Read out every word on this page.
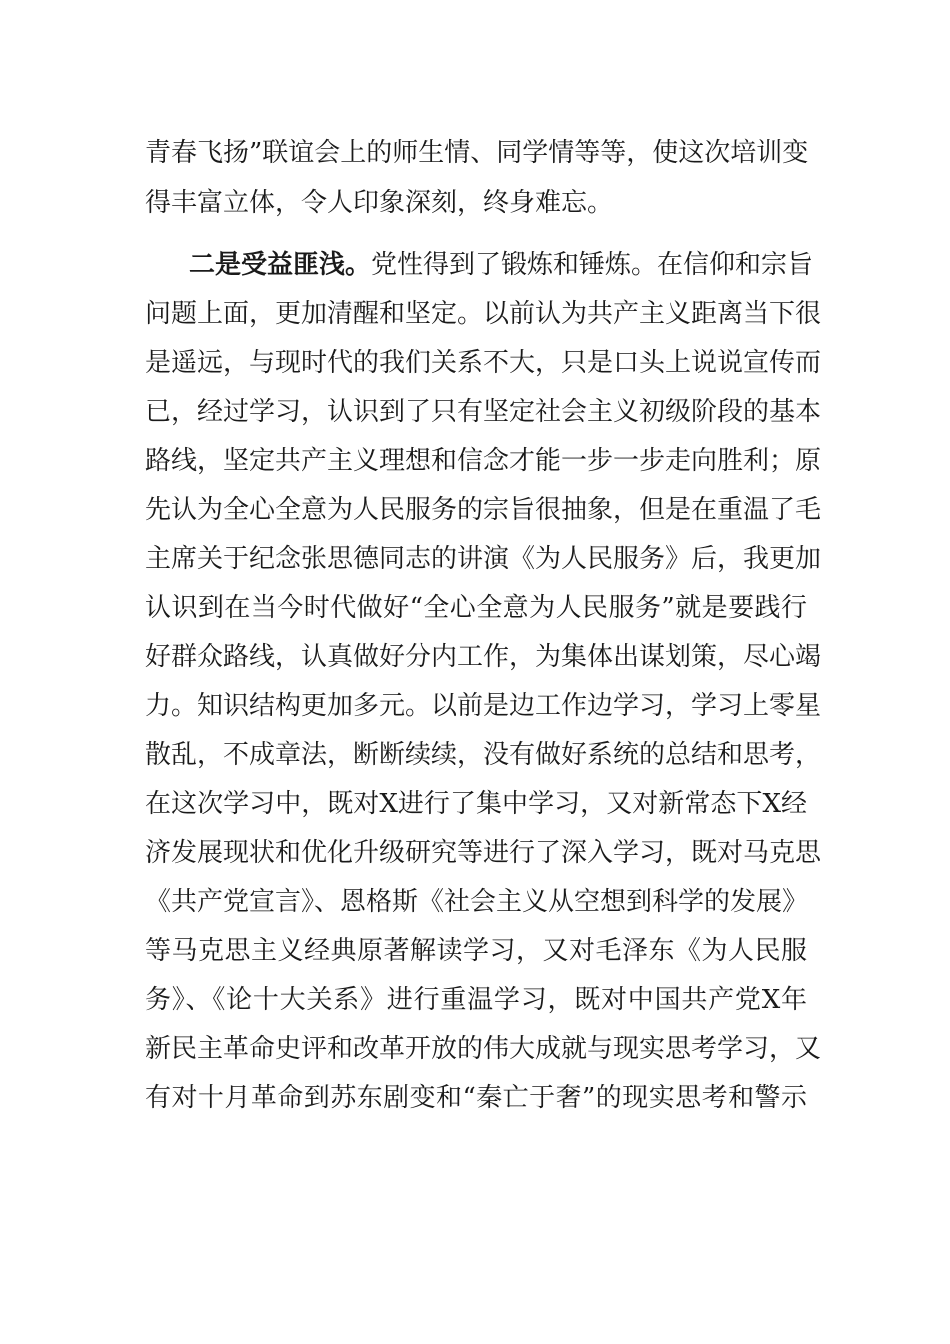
青春飞扬”联谊会上的师生情、同学情等等，使这次培训变
得丰富立体，令人印象深刻，终身难忘。
二是受益匪浅。党性得到了锻炼和锤炼。在信仰和宗旨
问题上面，更加清醒和坚定。以前认为共产主义距离当下很
是遥远，与现时代的我们关系不大，只是口头上说说宣传而
已，经过学习，认识到了只有坚定社会主义初级阶段的基本
路线，坚定共产主义理想和信念才能一步一步走向胜利；原
先认为全心全意为人民服务的宗旨很抽象，但是在重温了毛
主席关于纪念张思德同志的讲演《为人民服务》后，我更加
认识到在当今时代做好“全心全意为人民服务”就是要践行
好群众路线，认真做好分内工作，为集体出谋划策，尽心竭
力。知识结构更加多元。以前是边工作边学习，学习上零星
散乱，不成章法，断断续续，没有做好系统的总结和思考，
在这次学习中，既对X进行了集中学习，又对新常态下X经
济发展现状和优化升级研究等进行了深入学习，既对马克思
《共产党宣言》、恩格斯《社会主义从空想到科学的发展》
等马克思主义经典原著解读学习，又对毛泽东《为人民服
务》、《论十大关系》进行重温学习，既对中国共产党X年
新民主革命史评和改革开放的伟大成就与现实思考学习，又
有对十月革命到苏东剧变和“秦亡于奢”的现实思考和警示
